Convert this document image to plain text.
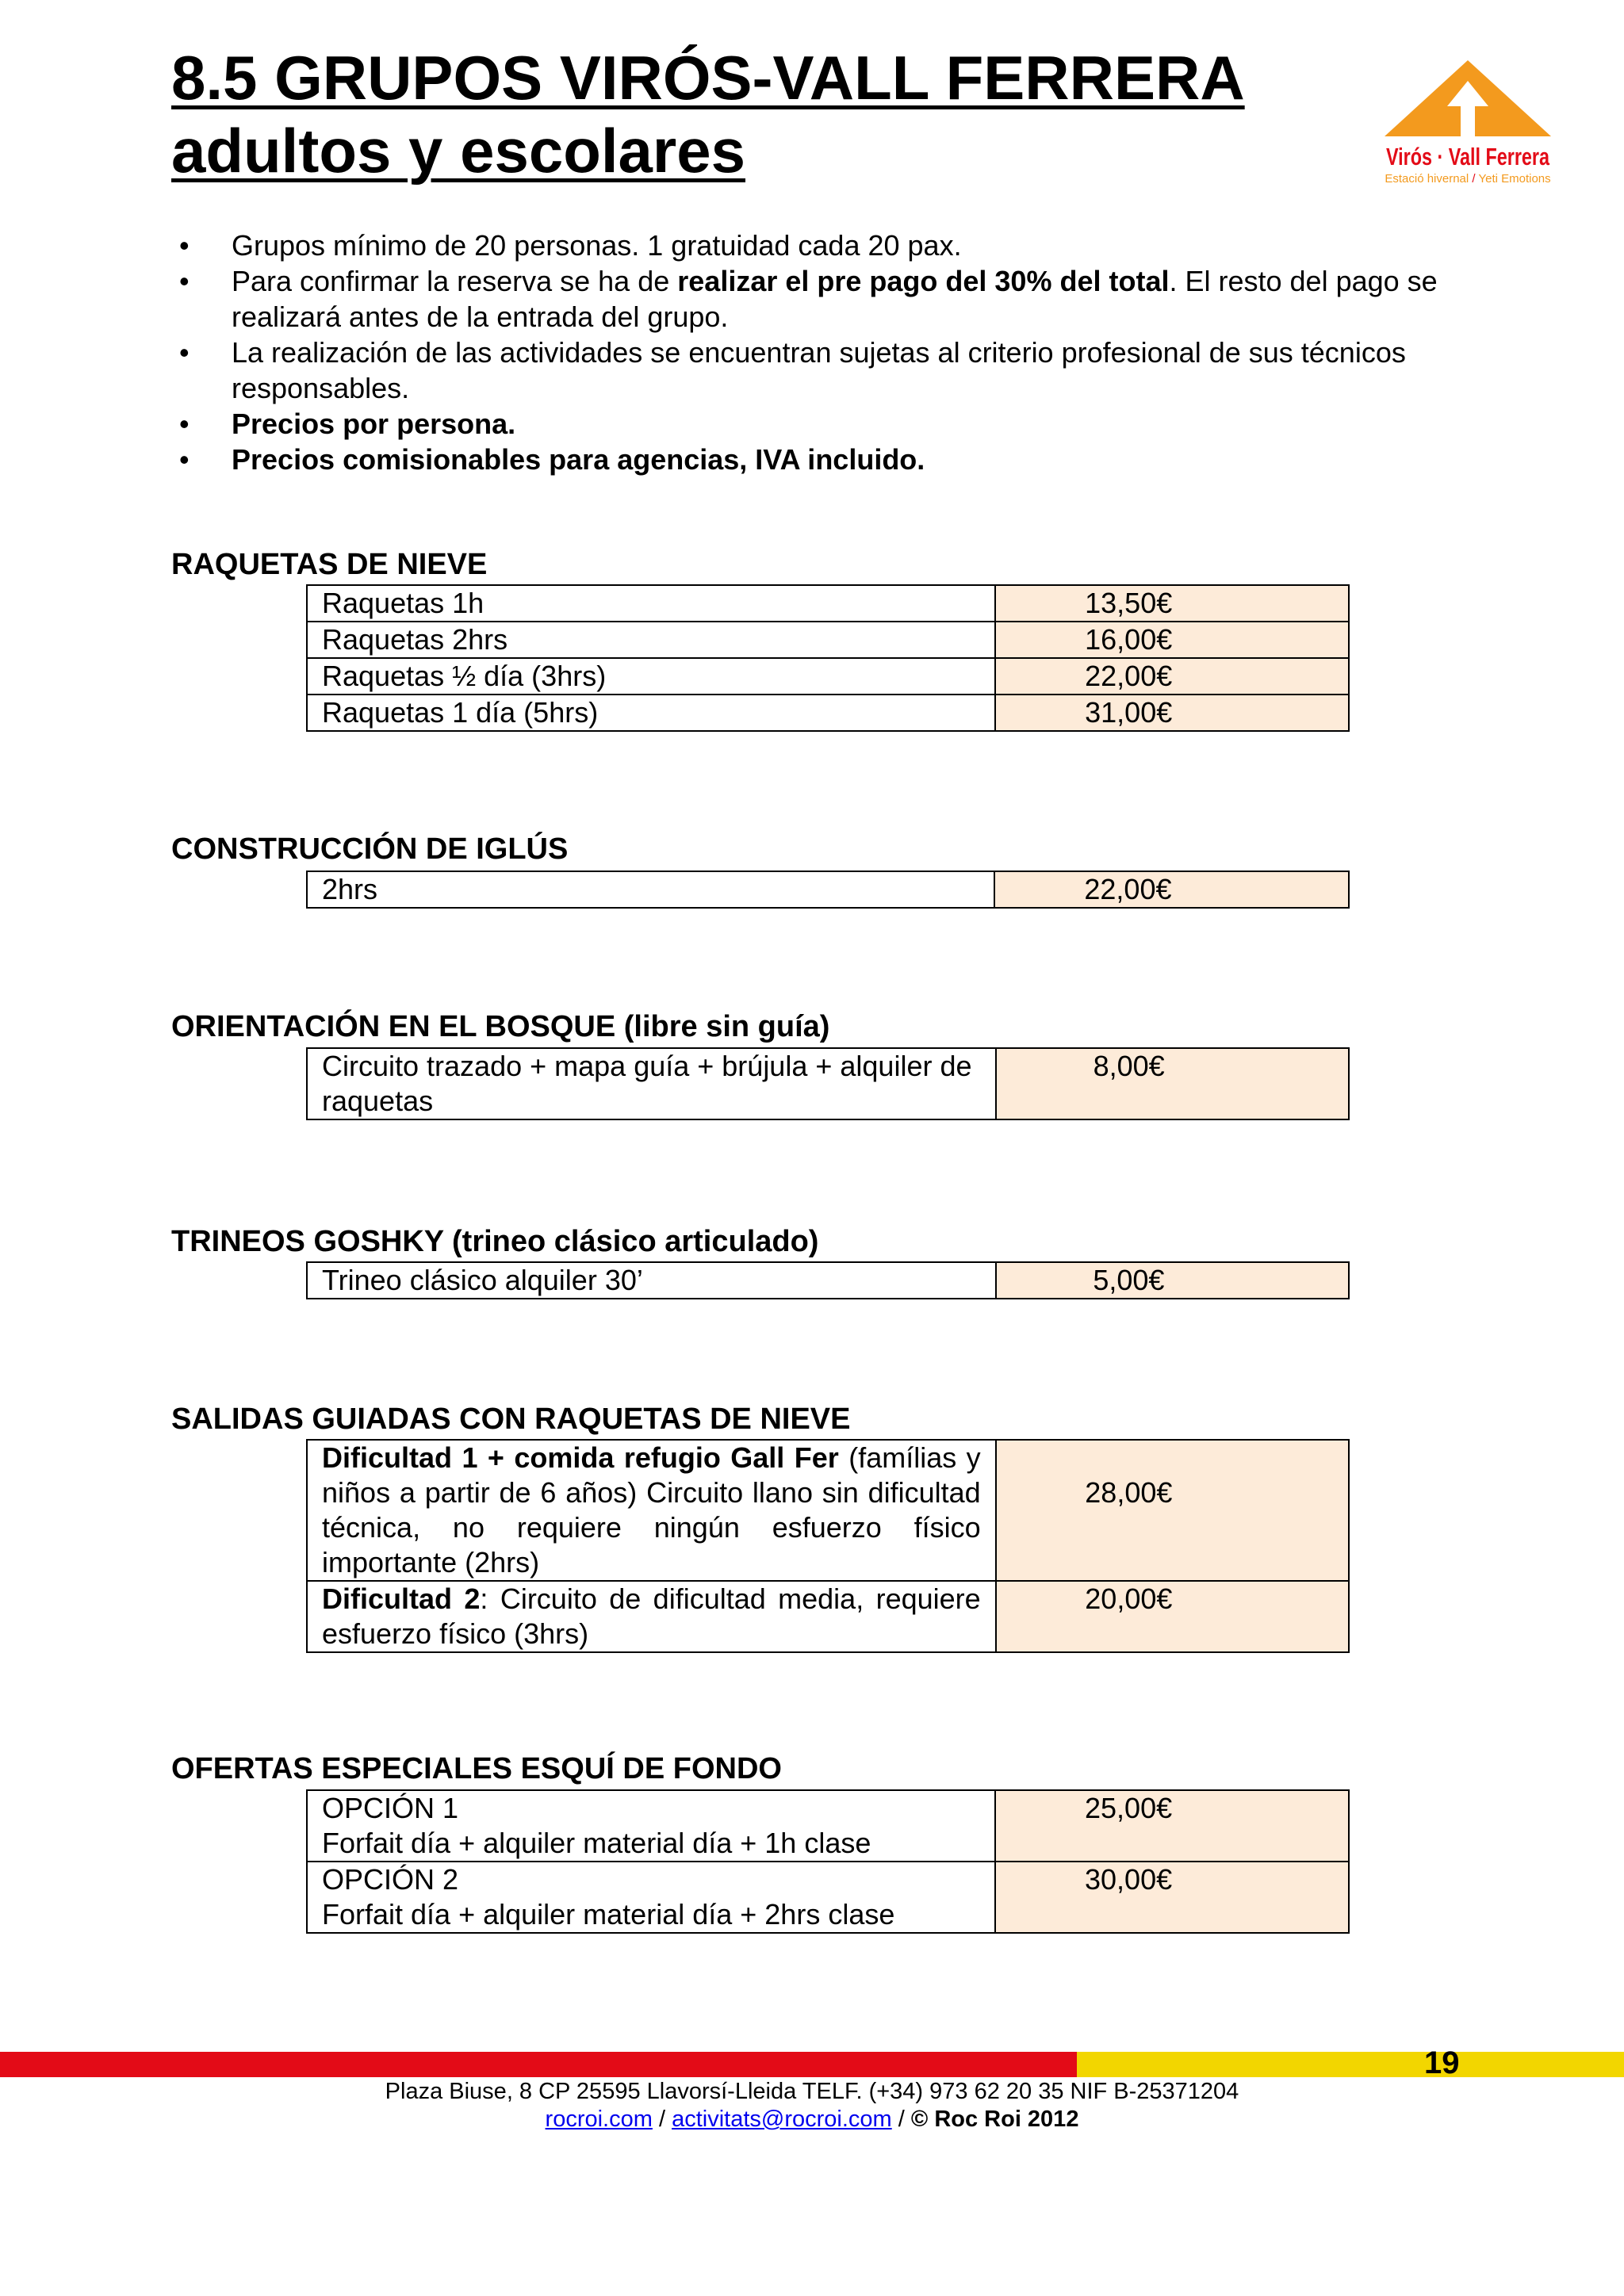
8.5 GRUPOS VIRÓS-VALL FERRERA
adultos y escolares	Virós · Vall Ferrera
Estació hivernal / Yeti Emotions
• Grupos mínimo de 20 personas. 1 gratuidad cada 20 pax.
• Para confirmar la reserva se ha de realizar el pre pago del 30% del total. El resto del pago se realizará antes de la entrada del grupo.
• La realización de las actividades se encuentran sujetas al criterio profesional de sus técnicos responsables.
• Precios por persona.
• Precios comisionables para agencias, IVA incluido.
RAQUETAS DE NIEVE
Raquetas 1h	13,50€
Raquetas 2hrs	16,00€
Raquetas ½ día (3hrs)	22,00€
Raquetas 1 día (5hrs)	31,00€
CONSTRUCCIÓN DE IGLÚS
2hrs	22,00€
ORIENTACIÓN EN EL BOSQUE (libre sin guía)
Circuito trazado + mapa guía + brújula + alquiler de raquetas	8,00€
TRINEOS GOSHKY (trineo clásico articulado)
Trineo clásico alquiler 30’	5,00€
SALIDAS GUIADAS CON RAQUETAS DE NIEVE
Dificultad 1 + comida refugio Gall Fer (famílias y niños a partir de 6 años) Circuito llano sin dificultad técnica, no requiere ningún esfuerzo físico importante (2hrs)	28,00€
Dificultad 2: Circuito de dificultad media, requiere esfuerzo físico (3hrs)	20,00€
OFERTAS ESPECIALES ESQUÍ DE FONDO
OPCIÓN 1
Forfait día + alquiler material día + 1h clase	25,00€

OPCIÓN 2
Forfait día + alquiler material día + 2hrs clase	30,00€
19
Plaza Biuse, 8 CP 25595 Llavorsí-Lleida TELF. (+34) 973 62 20 35 NIF B-25371204
rocroi.com / activitats@rocroi.com / © Roc Roi 2012
